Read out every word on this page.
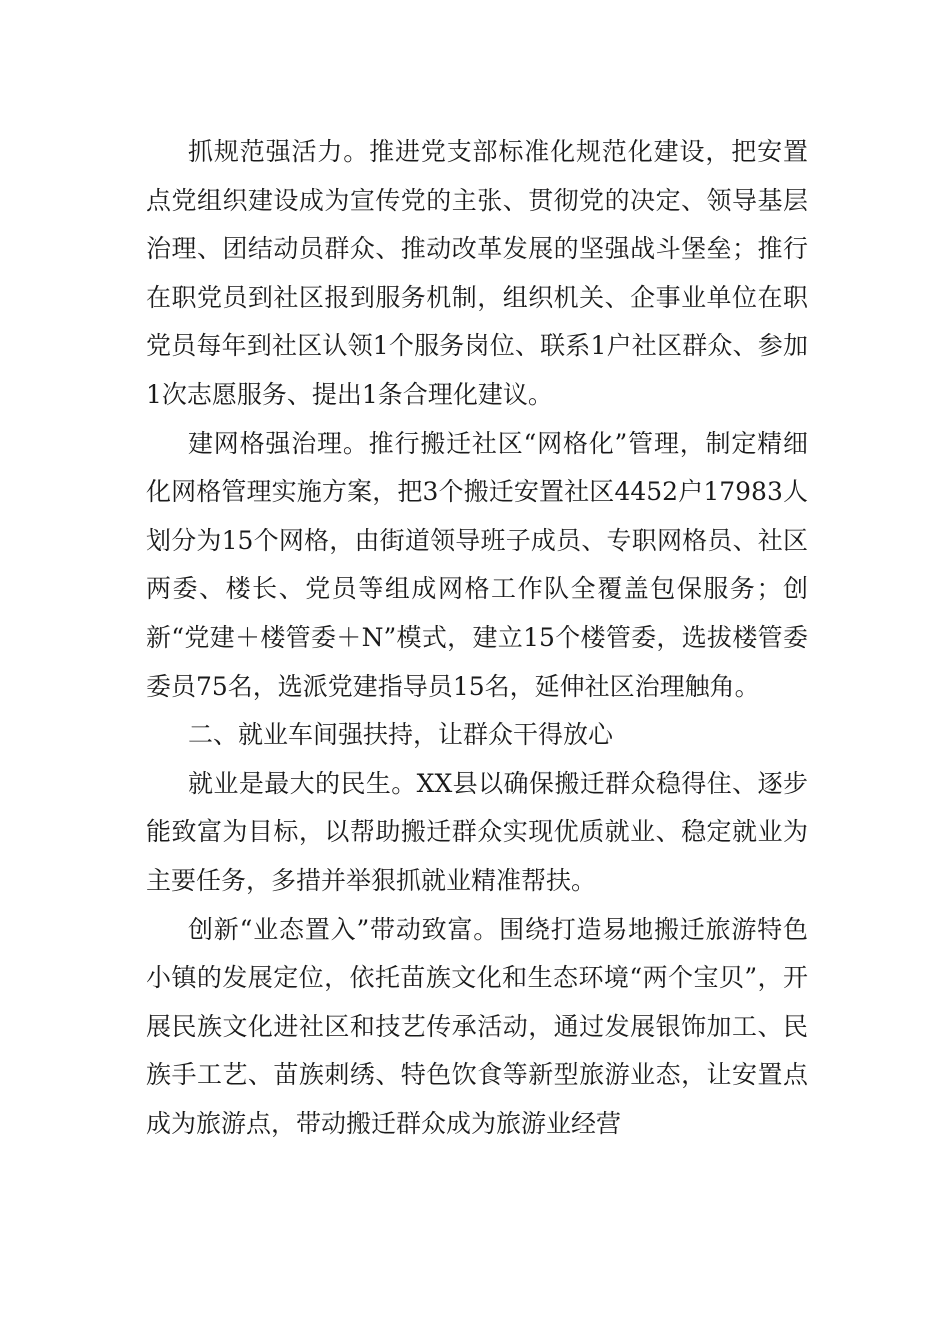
抓规范强活力。推进党支部标准化规范化建设，把安置点党组织建设成为宣传党的主张、贯彻党的决定、领导基层治理、团结动员群众、推动改革发展的坚强战斗堡垒；推行在职党员到社区报到服务机制，组织机关、企事业单位在职党员每年到社区认领1个服务岗位、联系1户社区群众、参加1次志愿服务、提出1条合理化建议。

建网格强治理。推行搬迁社区“网格化”管理，制定精细化网格管理实施方案，把3个搬迁安置社区4452户17983人划分为15个网格，由街道领导班子成员、专职网格员、社区两委、楼长、党员等组成网格工作队全覆盖包保服务；创新“党建＋楼管委＋N”模式，建立15个楼管委，选拔楼管委委员75名，选派党建指导员15名，延伸社区治理触角。

二、就业车间强扶持，让群众干得放心

就业是最大的民生。XX县以确保搬迁群众稳得住、逐步能致富为目标，以帮助搬迁群众实现优质就业、稳定就业为主要任务，多措并举狠抓就业精准帮扶。

创新“业态置入”带动致富。围绕打造易地搬迁旅游特色小镇的发展定位，依托苗族文化和生态环境“两个宝贝”，开展民族文化进社区和技艺传承活动，通过发展银饰加工、民族手工艺、苗族刺绣、特色饮食等新型旅游业态，让安置点成为旅游点，带动搬迁群众成为旅游业经营
